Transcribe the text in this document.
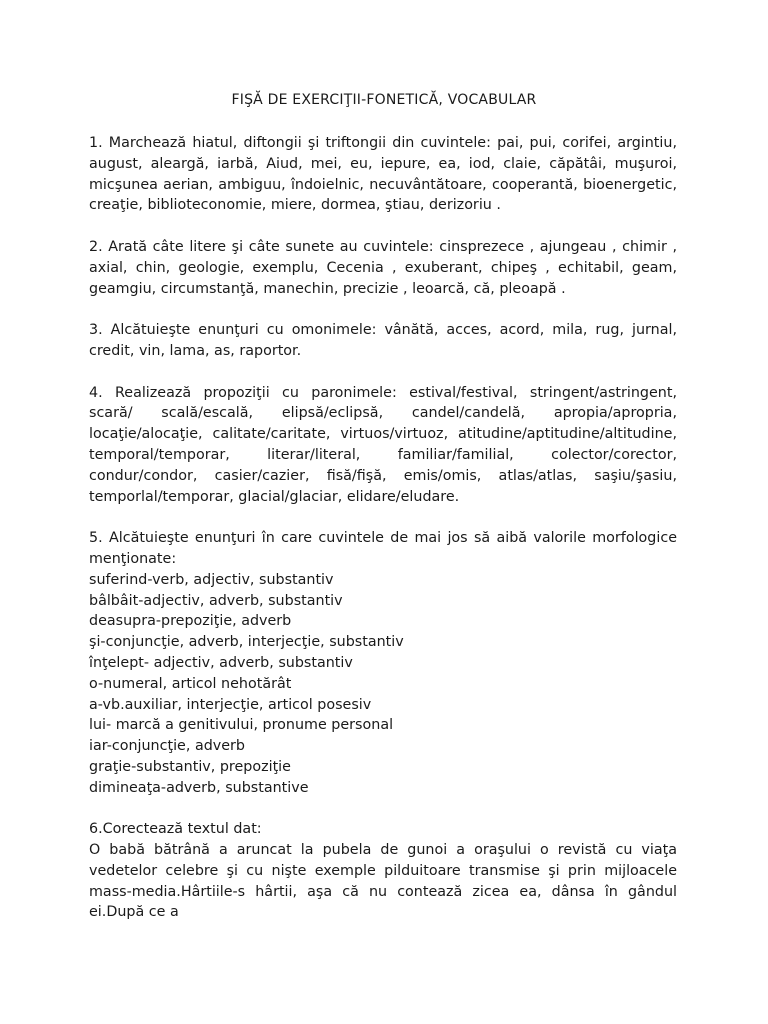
FIŞĂ DE EXERCIŢII-FONETICĂ, VOCABULAR

1. Marchează hiatul, diftongii şi triftongii din cuvintele: pai, pui, corifei, argintiu, august, aleargă, iarbă, Aiud, mei, eu, iepure, ea, iod, claie, căpătâi, muşuroi, micşunea aerian, ambiguu, îndoielnic, necuvântătoare, cooperantă, bioenergetic, creaţie, biblioteconomie, miere, dormea, ştiau, derizoriu .

2. Arată câte litere şi câte sunete au cuvintele: cinsprezece , ajungeau , chimir , axial, chin, geologie, exemplu, Cecenia , exuberant, chipeş , echitabil, geam, geamgiu, circumstanţă, manechin, precizie , leoarcă, că, pleoapă .

3. Alcătuieşte enunţuri cu omonimele: vânătă, acces, acord, mila, rug, jurnal, credit, vin, lama, as, raportor.

4. Realizează propoziţii cu paronimele: estival/festival, stringent/astringent, scară/ scală/escală, elipsă/eclipsă, candel/candelă, apropia/apropria, locaţie/alocaţie, calitate/caritate, virtuos/virtuoz, atitudine/aptitudine/altitudine, temporal/temporar, literar/literal, familiar/familial, colector/corector, condur/condor, casier/cazier, fisă/fişă, emis/omis, atlas/atlas, saşiu/şasiu, temporlal/temporar, glacial/glaciar, elidare/eludare.

5. Alcătuieşte enunţuri în care cuvintele de mai jos să aibă valorile morfologice menţionate:
suferind-verb, adjectiv, substantiv
bâlbâit-adjectiv, adverb, substantiv
deasupra-prepoziţie, adverb
şi-conjuncţie, adverb, interjecţie, substantiv
înţelept- adjectiv, adverb, substantiv
o-numeral, articol nehotărât
a-vb.auxiliar, interjecţie, articol posesiv
lui- marcă a genitivului, pronume personal
iar-conjuncţie, adverb
graţie-substantiv, prepoziţie
dimineaţa-adverb, substantive
6.Corectează textul dat:
O babă bătrână a aruncat la pubela de gunoi a oraşului o revistă cu viaţa vedetelor celebre şi cu nişte exemple pilduitoare transmise şi prin mijloacele mass-media.Hârtiile-s hârtii, aşa că nu contează zicea ea, dânsa în gândul ei.După ce a
